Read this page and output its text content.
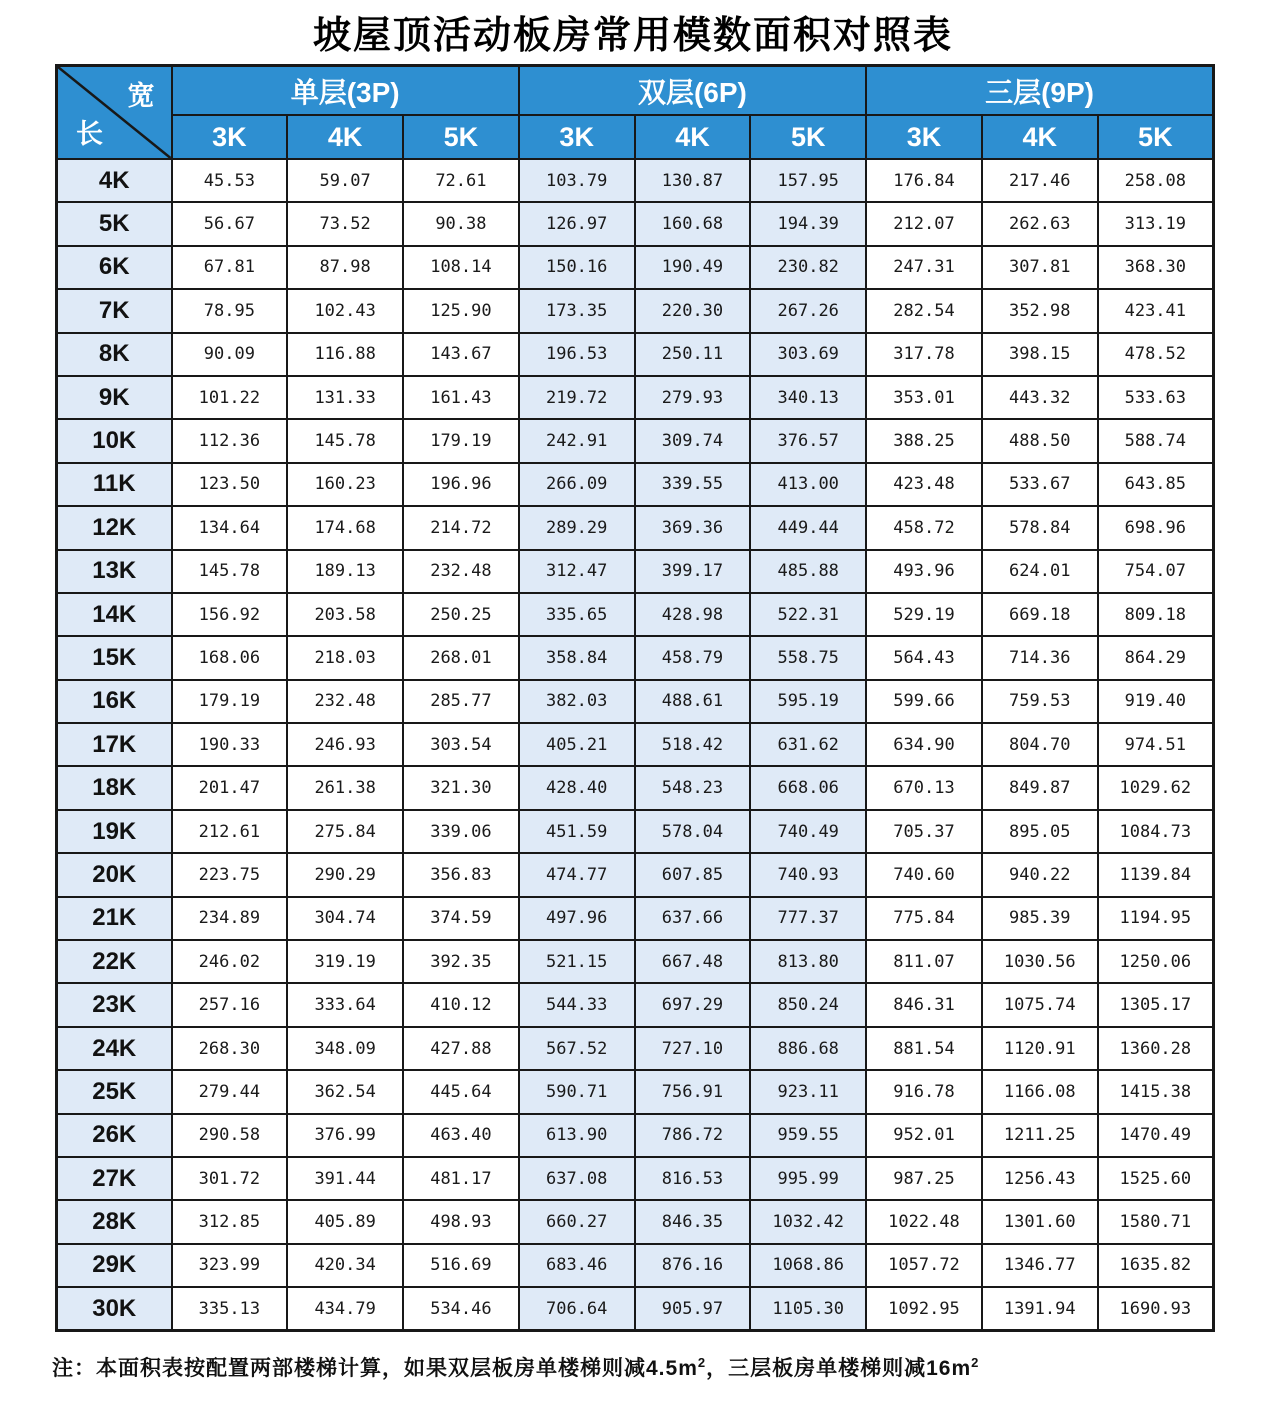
坡屋顶活动板房常用模数面积对照表
宽
长	单层(3P)			双层(6P)			三层(9P)		
	3K	4K	5K	3K	4K	5K	3K	4K	5K
4K	45.53	59.07	72.61	103.79	130.87	157.95	176.84	217.46	258.08
5K	56.67	73.52	90.38	126.97	160.68	194.39	212.07	262.63	313.19
6K	67.81	87.98	108.14	150.16	190.49	230.82	247.31	307.81	368.30
7K	78.95	102.43	125.90	173.35	220.30	267.26	282.54	352.98	423.41
8K	90.09	116.88	143.67	196.53	250.11	303.69	317.78	398.15	478.52
9K	101.22	131.33	161.43	219.72	279.93	340.13	353.01	443.32	533.63
10K	112.36	145.78	179.19	242.91	309.74	376.57	388.25	488.50	588.74
11K	123.50	160.23	196.96	266.09	339.55	413.00	423.48	533.67	643.85
12K	134.64	174.68	214.72	289.29	369.36	449.44	458.72	578.84	698.96
13K	145.78	189.13	232.48	312.47	399.17	485.88	493.96	624.01	754.07
14K	156.92	203.58	250.25	335.65	428.98	522.31	529.19	669.18	809.18
15K	168.06	218.03	268.01	358.84	458.79	558.75	564.43	714.36	864.29
16K	179.19	232.48	285.77	382.03	488.61	595.19	599.66	759.53	919.40
17K	190.33	246.93	303.54	405.21	518.42	631.62	634.90	804.70	974.51
18K	201.47	261.38	321.30	428.40	548.23	668.06	670.13	849.87	1029.62
19K	212.61	275.84	339.06	451.59	578.04	740.49	705.37	895.05	1084.73
20K	223.75	290.29	356.83	474.77	607.85	740.93	740.60	940.22	1139.84
21K	234.89	304.74	374.59	497.96	637.66	777.37	775.84	985.39	1194.95
22K	246.02	319.19	392.35	521.15	667.48	813.80	811.07	1030.56	1250.06
23K	257.16	333.64	410.12	544.33	697.29	850.24	846.31	1075.74	1305.17
24K	268.30	348.09	427.88	567.52	727.10	886.68	881.54	1120.91	1360.28
25K	279.44	362.54	445.64	590.71	756.91	923.11	916.78	1166.08	1415.38
26K	290.58	376.99	463.40	613.90	786.72	959.55	952.01	1211.25	1470.49
27K	301.72	391.44	481.17	637.08	816.53	995.99	987.25	1256.43	1525.60
28K	312.85	405.89	498.93	660.27	846.35	1032.42	1022.48	1301.60	1580.71
29K	323.99	420.34	516.69	683.46	876.16	1068.86	1057.72	1346.77	1635.82
30K	335.13	434.79	534.46	706.64	905.97	1105.30	1092.95	1391.94	1690.93
注：本面积表按配置两部楼梯计算，如果双层板房单楼梯则减$4.5m^2$，三层板房单楼梯则减$16m^2$
